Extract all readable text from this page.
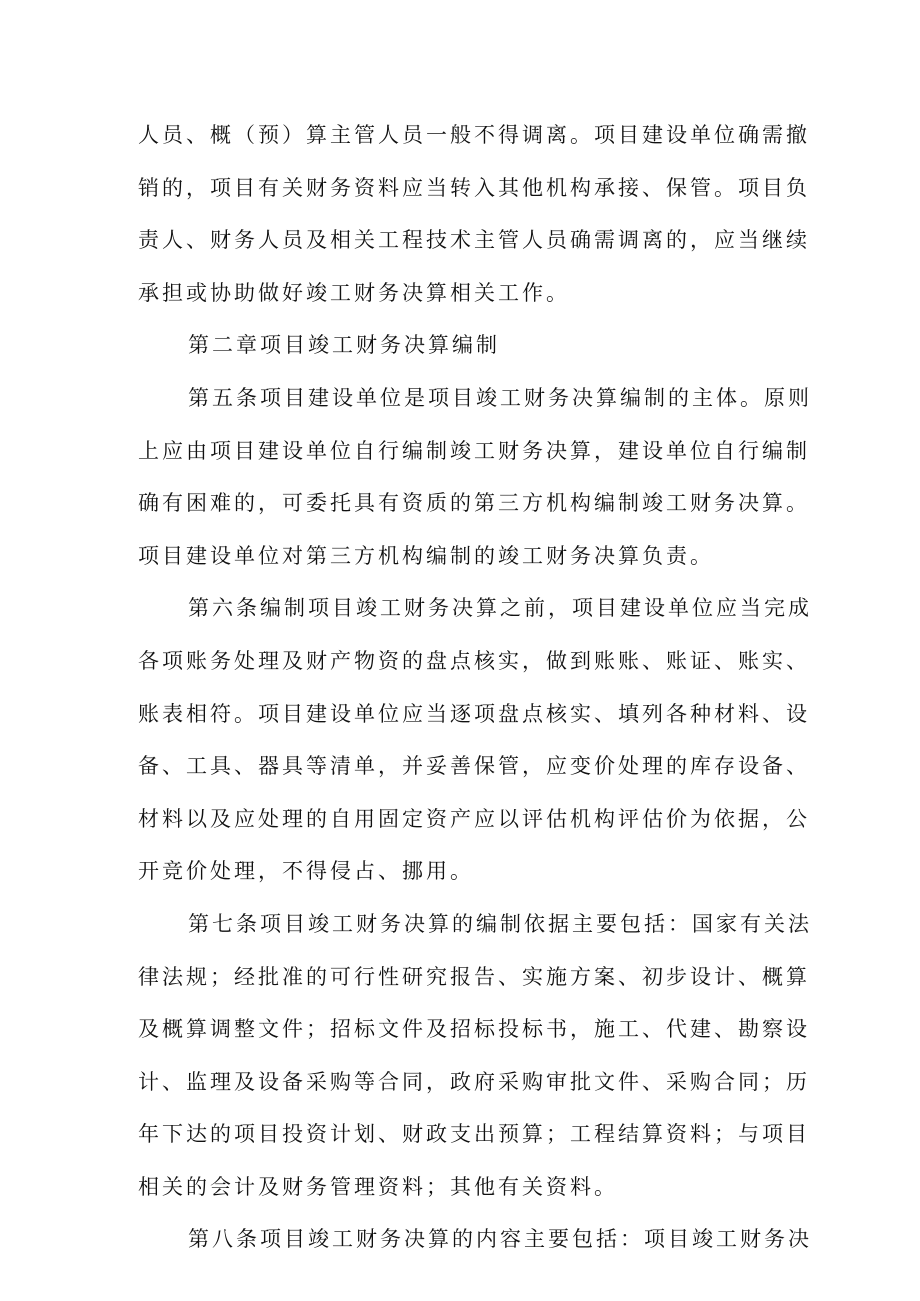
人员、概（预）算主管人员一般不得调离。项目建设单位确需撤
销的，项目有关财务资料应当转入其他机构承接、保管。项目负
责人、财务人员及相关工程技术主管人员确需调离的，应当继续
承担或协助做好竣工财务决算相关工作。
第二章项目竣工财务决算编制
第五条项目建设单位是项目竣工财务决算编制的主体。原则
上应由项目建设单位自行编制竣工财务决算，建设单位自行编制
确有困难的，可委托具有资质的第三方机构编制竣工财务决算。
项目建设单位对第三方机构编制的竣工财务决算负责。
第六条编制项目竣工财务决算之前，项目建设单位应当完成
各项账务处理及财产物资的盘点核实，做到账账、账证、账实、
账表相符。项目建设单位应当逐项盘点核实、填列各种材料、设
备、工具、器具等清单，并妥善保管，应变价处理的库存设备、
材料以及应处理的自用固定资产应以评估机构评估价为依据，公
开竞价处理，不得侵占、挪用。
第七条项目竣工财务决算的编制依据主要包括：国家有关法
律法规；经批准的可行性研究报告、实施方案、初步设计、概算
及概算调整文件；招标文件及招标投标书，施工、代建、勘察设
计、监理及设备采购等合同，政府采购审批文件、采购合同；历
年下达的项目投资计划、财政支出预算；工程结算资料；与项目
相关的会计及财务管理资料；其他有关资料。
第八条项目竣工财务决算的内容主要包括：项目竣工财务决
